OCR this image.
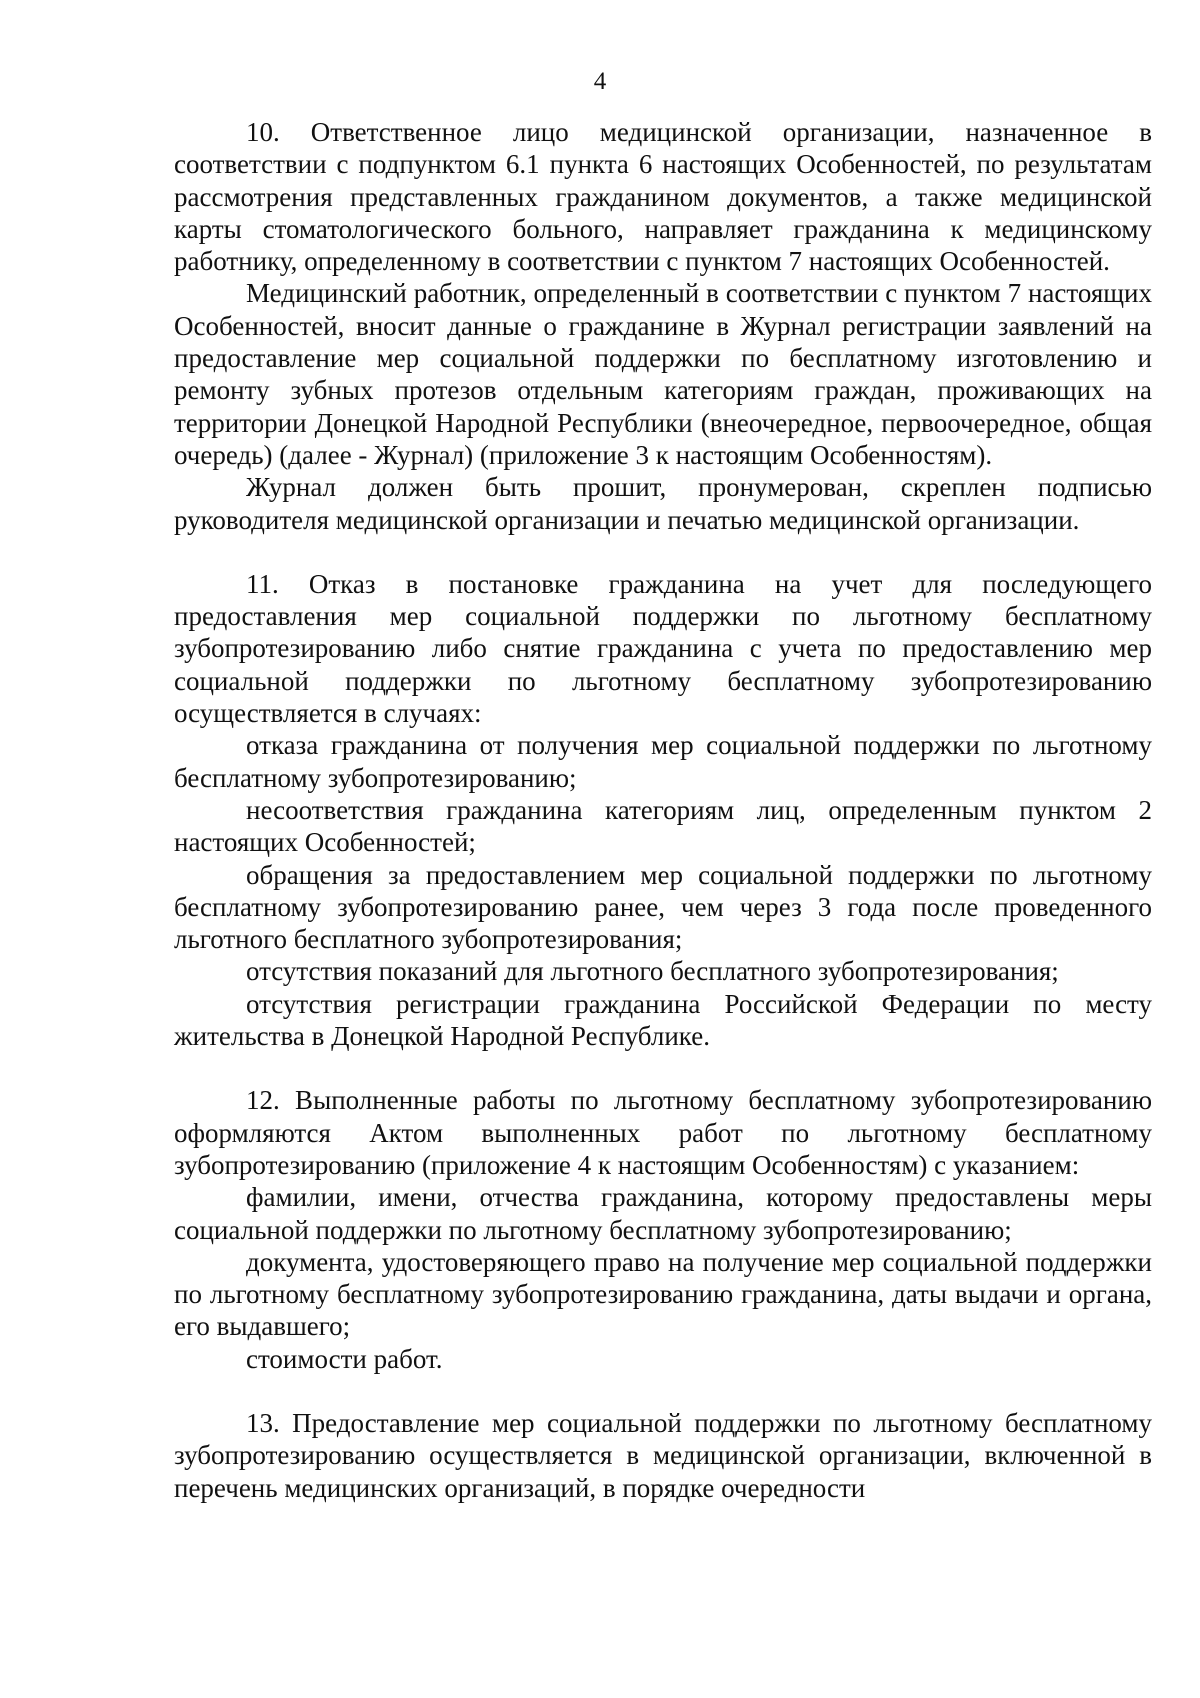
4

10. Ответственное лицо медицинской организации, назначенное в соответствии с подпунктом 6.1 пункта 6 настоящих Особенностей, по результатам рассмотрения представленных гражданином документов, а также медицинской карты стоматологического больного, направляет гражданина к медицинскому работнику, определенному в соответствии с пунктом 7 настоящих Особенностей.

Медицинский работник, определенный в соответствии с пунктом 7 настоящих Особенностей, вносит данные о гражданине в Журнал регистрации заявлений на предоставление мер социальной поддержки по бесплатному изготовлению и ремонту зубных протезов отдельным категориям граждан, проживающих на территории Донецкой Народной Республики (внеочередное, первоочередное, общая очередь) (далее - Журнал) (приложение 3 к настоящим Особенностям).

Журнал должен быть прошит, пронумерован, скреплен подписью руководителя медицинской организации и печатью медицинской организации.

11. Отказ в постановке гражданина на учет для последующего предоставления мер социальной поддержки по льготному бесплатному зубопротезированию либо снятие гражданина с учета по предоставлению мер социальной поддержки по льготному бесплатному зубопротезированию осуществляется в случаях:

отказа гражданина от получения мер социальной поддержки по льготному бесплатному зубопротезированию;

несоответствия гражданина категориям лиц, определенным пунктом 2 настоящих Особенностей;

обращения за предоставлением мер социальной поддержки по льготному бесплатному зубопротезированию ранее, чем через 3 года после проведенного льготного бесплатного зубопротезирования;

отсутствия показаний для льготного бесплатного зубопротезирования;

отсутствия регистрации гражданина Российской Федерации по месту жительства в Донецкой Народной Республике.

12. Выполненные работы по льготному бесплатному зубопротезированию оформляются Актом выполненных работ по льготному бесплатному зубопротезированию (приложение 4 к настоящим Особенностям) с указанием:

фамилии, имени, отчества гражданина, которому предоставлены меры социальной поддержки по льготному бесплатному зубопротезированию;

документа, удостоверяющего право на получение мер социальной поддержки по льготному бесплатному зубопротезированию гражданина, даты выдачи и органа, его выдавшего;

стоимости работ.

13. Предоставление мер социальной поддержки по льготному бесплатному зубопротезированию осуществляется в медицинской организации, включенной в перечень медицинских организаций, в порядке очередности
